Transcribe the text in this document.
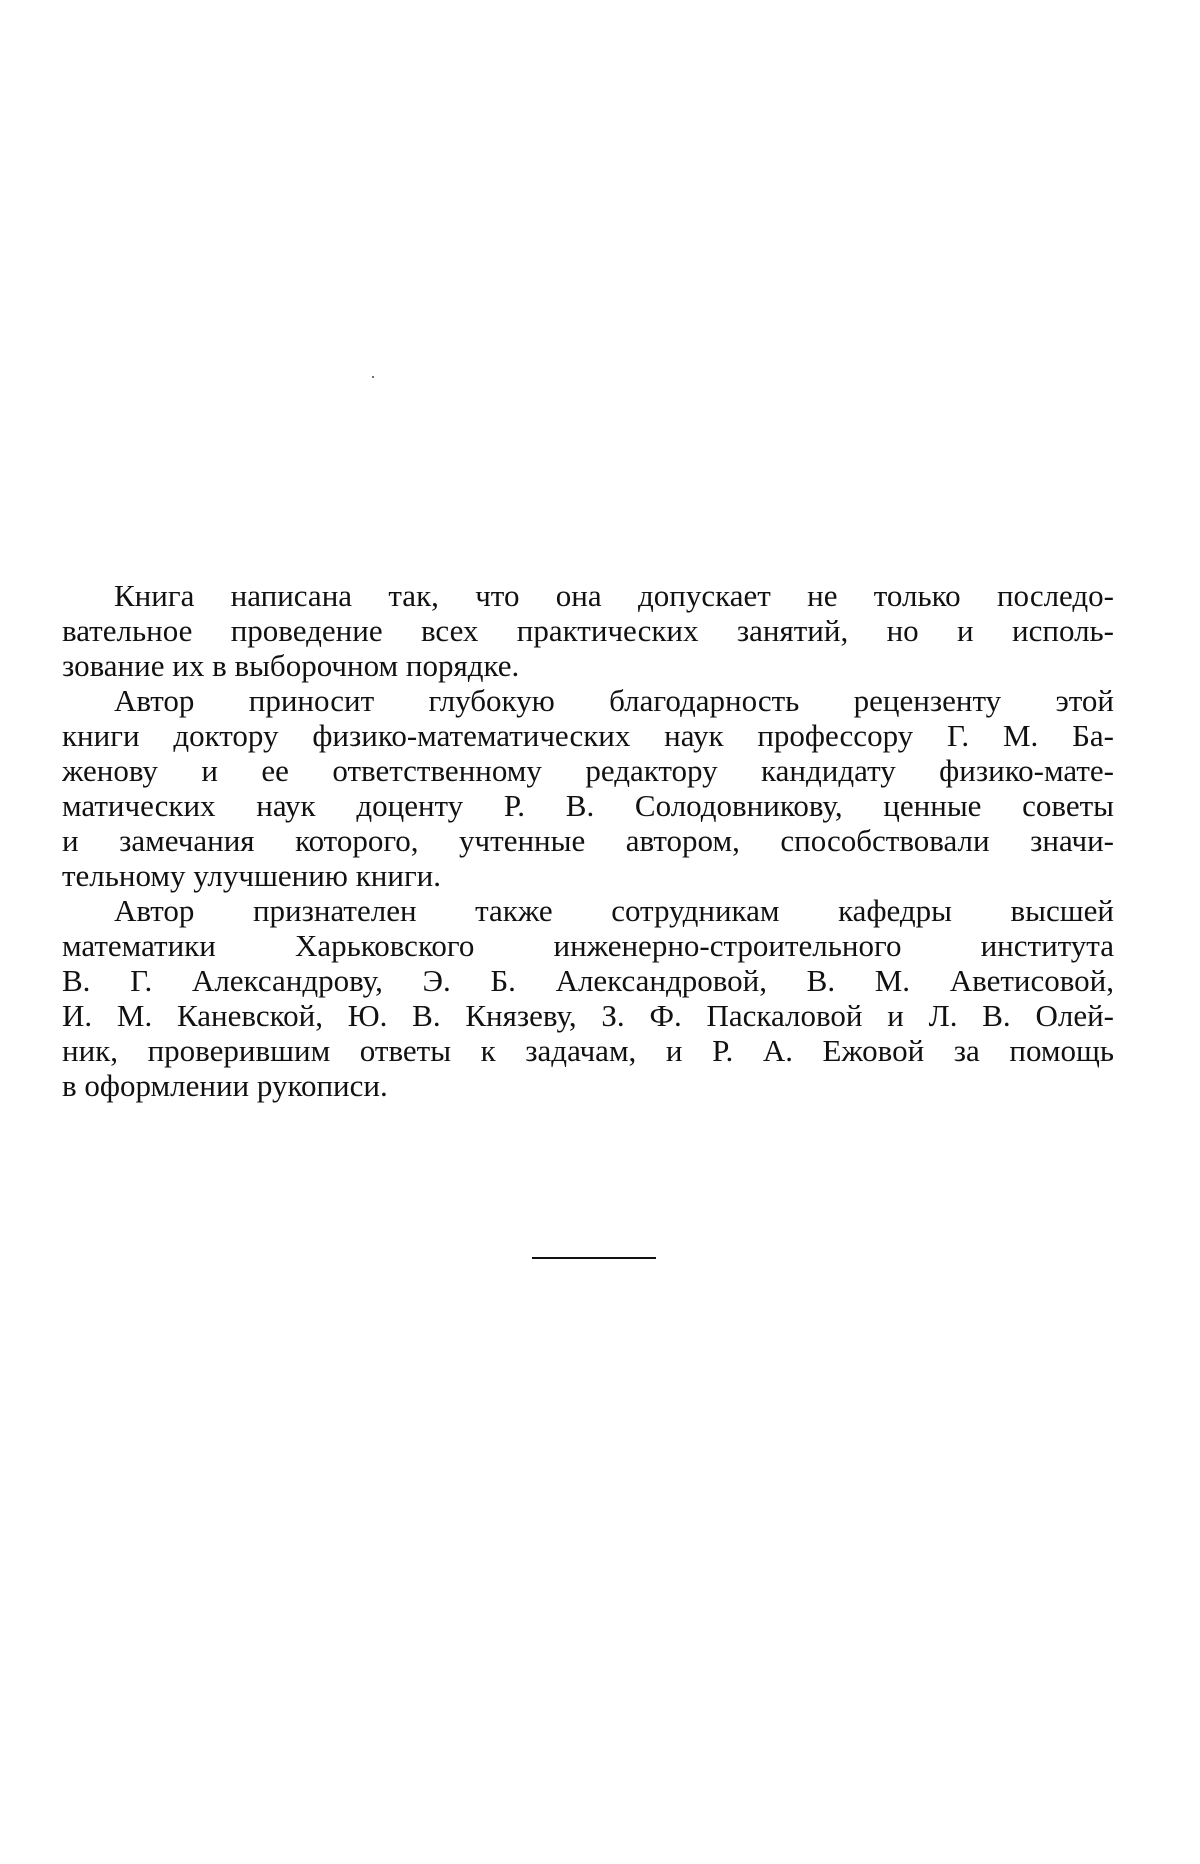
Книга написана так, что она допускает не только последо-
вательное проведение всех практических занятий, но и исполь-
зование их в выборочном порядке.
Автор приносит глубокую благодарность рецензенту этой
книги доктору физико-математических наук профессору Г. М. Ба-
женову и ее ответственному редактору кандидату физико-мате-
матических наук доценту Р. В. Солодовникову, ценные советы
и замечания которого, учтенные автором, способствовали значи-
тельному улучшению книги.
Автор признателен также сотрудникам кафедры высшей
математики Харьковского инженерно-строительного института
В. Г. Александрову, Э. Б. Александровой, В. М. Аветисовой,
И. М. Каневской, Ю. В. Князеву, З. Ф. Пaскаловой и Л. В. Олей-
ник, проверившим ответы к задачам, и Р. А. Ежовой за помощь
в оформлении рукописи.
